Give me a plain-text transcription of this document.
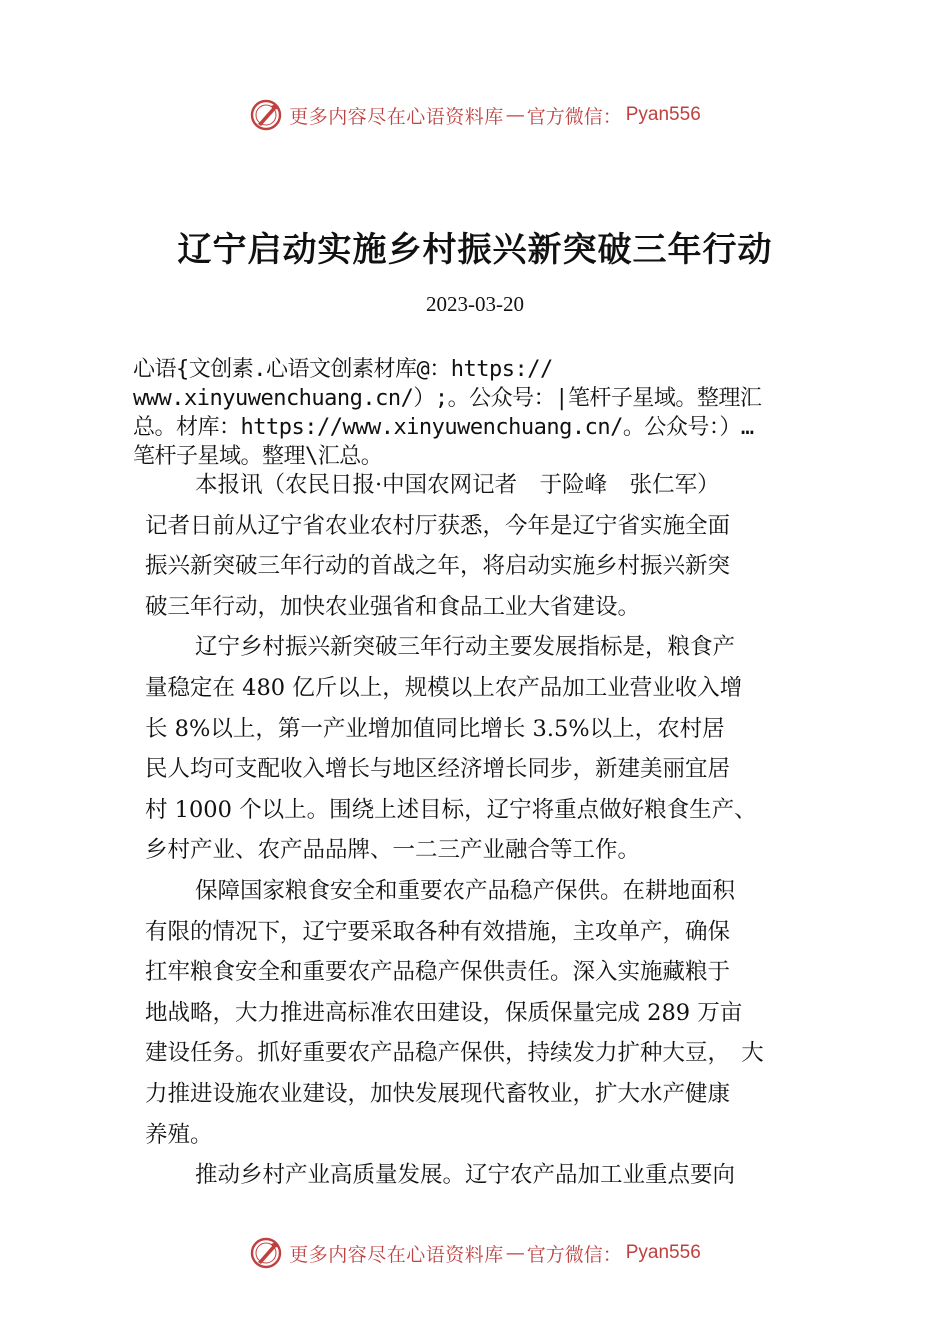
更多内容尽在心语资料库 — 官方微信： Pyan556
辽宁启动实施乡村振兴新突破三年行动
2023-03-20
心语{文创素.心语文创素材库@：https://
www.xinyuwenchuang.cn/）;。公众号：|笔杆子星域。整理汇
总。材库：https://www.xinyuwenchuang.cn/。公众号：）…
笔杆子星域。整理\汇总。

本报讯（农民日报·中国农网记者　于险峰　张仁军）
记者日前从辽宁省农业农村厅获悉，今年是辽宁省实施全面
振兴新突破三年行动的首战之年，将启动实施乡村振兴新突
破三年行动，加快农业强省和食品工业大省建设。

辽宁乡村振兴新突破三年行动主要发展指标是，粮食产
量稳定在 480 亿斤以上，规模以上农产品加工业营业收入增
长 8%以上，第一产业增加值同比增长 3.5%以上，农村居
民人均可支配收入增长与地区经济增长同步，新建美丽宜居
村 1000 个以上。围绕上述目标，辽宁将重点做好粮食生产、
乡村产业、农产品品牌、一二三产业融合等工作。

保障国家粮食安全和重要农产品稳产保供。在耕地面积
有限的情况下，辽宁要采取各种有效措施，主攻单产，确保
扛牢粮食安全和重要农产品稳产保供责任。深入实施藏粮于
地战略，大力推进高标准农田建设，保质保量完成 289 万亩
建设任务。抓好重要农产品稳产保供，持续发力扩种大豆，　大
力推进设施农业建设，加快发展现代畜牧业，扩大水产健康
养殖。

推动乡村产业高质量发展。辽宁农产品加工业重点要向

更多内容尽在心语资料库 — 官方微信： Pyan556
